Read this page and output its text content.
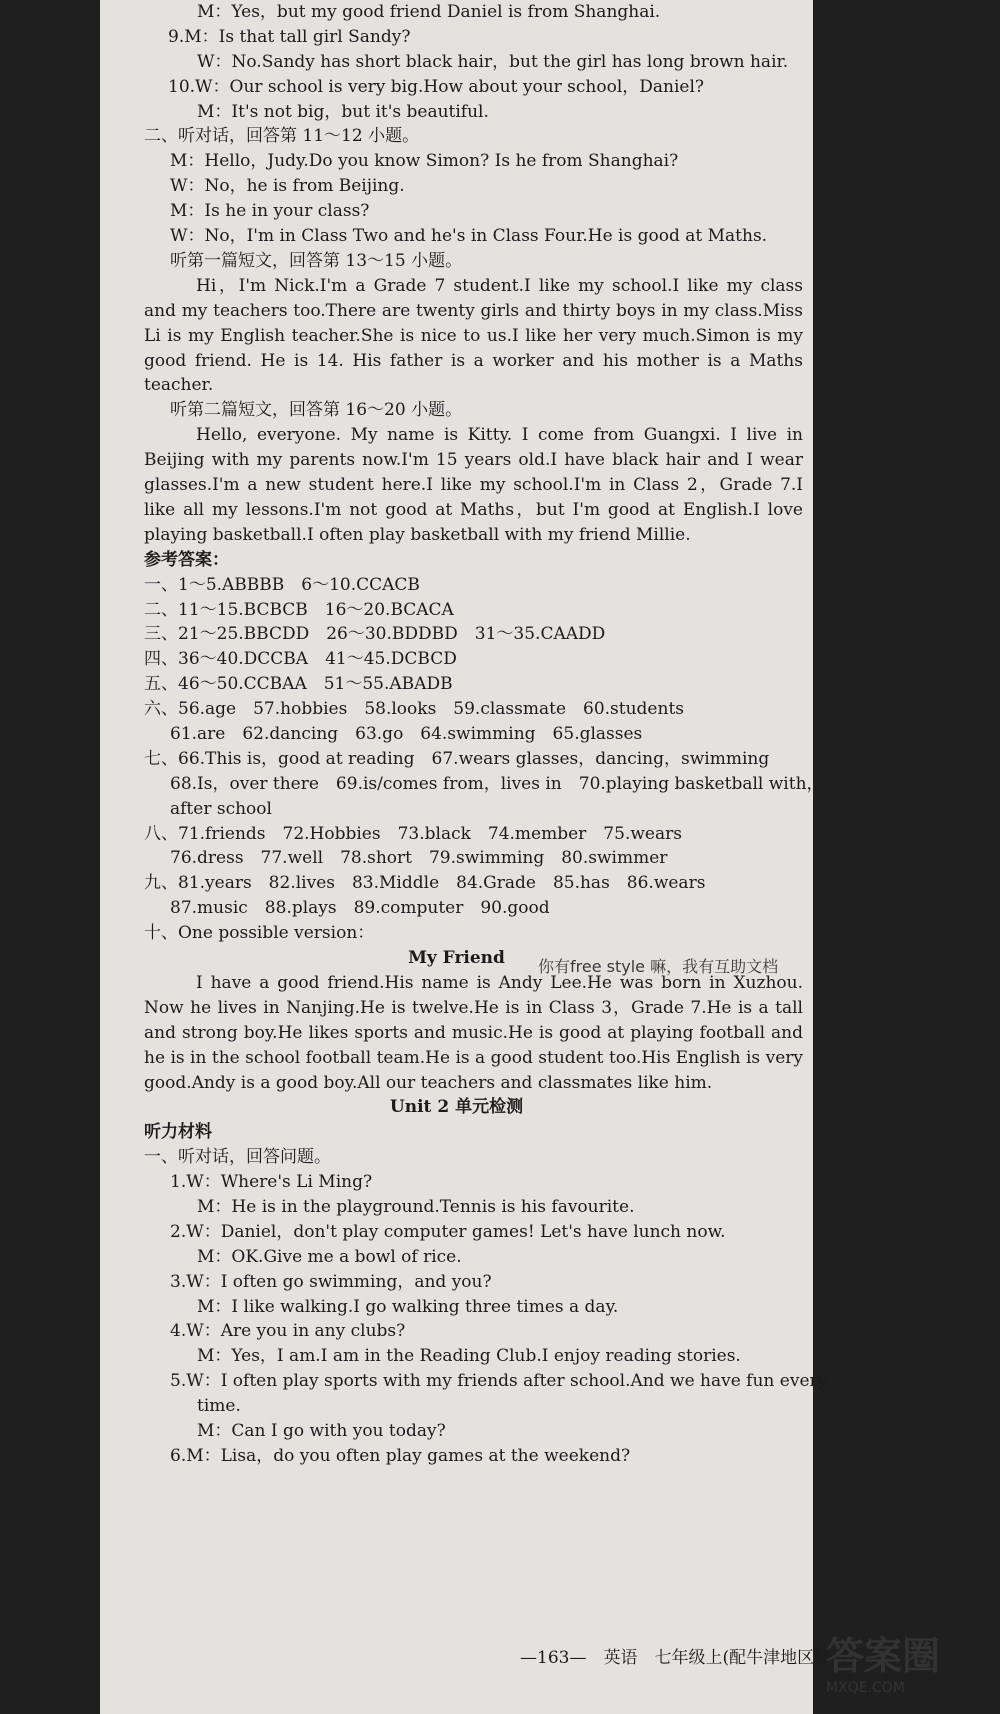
M：Yes，but my good friend Daniel is from Shanghai.
9.M：Is that tall girl Sandy?
W：No.Sandy has short black hair，but the girl has long brown hair.
10.W：Our school is very big.How about your school，Daniel?
M：It's not big，but it's beautiful.
二、听对话，回答第 11～12 小题。
M：Hello，Judy.Do you know Simon? Is he from Shanghai?
W：No，he is from Beijing.
M：Is he in your class?
W：No，I'm in Class Two and he's in Class Four.He is good at Maths.
听第一篇短文，回答第 13～15 小题。
Hi，I'm Nick.I'm a Grade 7 student.I like my school.I like my class and my teachers too.There are twenty girls and thirty boys in my class.Miss Li is my English teacher.She is nice to us.I like her very much.Simon is my good friend. He is 14. His father is a worker and his mother is a Maths teacher.
听第二篇短文，回答第 16～20 小题。
Hello, everyone. My name is Kitty. I come from Guangxi. I live in Beijing with my parents now.I'm 15 years old.I have black hair and I wear glasses.I'm a new student here.I like my school.I'm in Class 2，Grade 7.I like all my lessons.I'm not good at Maths，but I'm good at English.I love playing basketball.I often play basketball with my friend Millie.
参考答案：
一、1～5.ABBBB　6～10.CCACB
二、11～15.BCBCB　16～20.BCACA
三、21～25.BBCDD　26～30.BDDBD　31～35.CAADD
四、36～40.DCCBA　41～45.DCBCD
五、46～50.CCBAA　51～55.ABADB
六、56.age　57.hobbies　58.looks　59.classmate　60.students
61.are　62.dancing　63.go　64.swimming　65.glasses
七、66.This is，good at reading　67.wears glasses，dancing，swimming
68.Is，over there　69.is/comes from，lives in　70.playing basketball with，
after school
八、71.friends　72.Hobbies　73.black　74.member　75.wears
76.dress　77.well　78.short　79.swimming　80.swimmer
九、81.years　82.lives　83.Middle　84.Grade　85.has　86.wears
87.music　88.plays　89.computer　90.good
十、One possible version：
My Friend
I have a good friend.His name is Andy Lee.He was born in Xuzhou. Now he lives in Nanjing.He is twelve.He is in Class 3，Grade 7.He is a tall and strong boy.He likes sports and music.He is good at playing football and he is in the school football team.He is a good student too.His English is very good.Andy is a good boy.All our teachers and classmates like him.
Unit 2 单元检测
听力材料
一、听对话，回答问题。
1.W：Where's Li Ming?
M：He is in the playground.Tennis is his favourite.
2.W：Daniel，don't play computer games! Let's have lunch now.
M：OK.Give me a bowl of rice.
3.W：I often go swimming，and you?
M：I like walking.I go walking three times a day.
4.W：Are you in any clubs?
M：Yes，I am.I am in the Reading Club.I enjoy reading stories.
5.W：I often play sports with my friends after school.And we have fun every
time.
M：Can I go with you today?
6.M：Lisa，do you often play games at the weekend?
你有free style 嘛，我有互助文档
—163—　英语　七年级上(配牛津地区使用)
答案圈
MXQE.COM
